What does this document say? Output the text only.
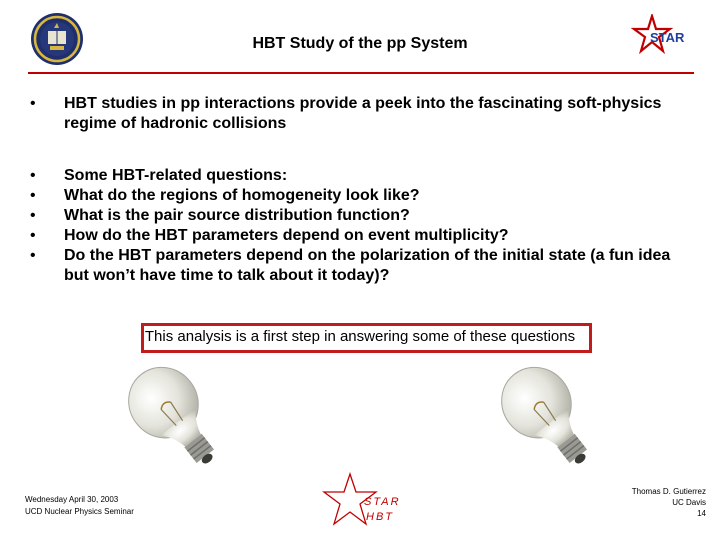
HBT Study of the pp System	STAR
• HBT studies in pp interactions provide a peek into the fascinating soft-physics regime of hadronic collisions
• Some HBT-related questions:
• What do the regions of homogeneity look like?
• What is the pair source distribution function?
• How do the HBT parameters depend on event multiplicity?
• Do the HBT parameters depend on the polarization of the initial state (a fun idea but won’t have time to talk about it today)?
This analysis is a first step in answering some of these questions
Wednesday April 30, 2003
UCD Nuclear Physics Seminar
STAR
HBT
Thomas D. Gutierrez
UC Davis
14
